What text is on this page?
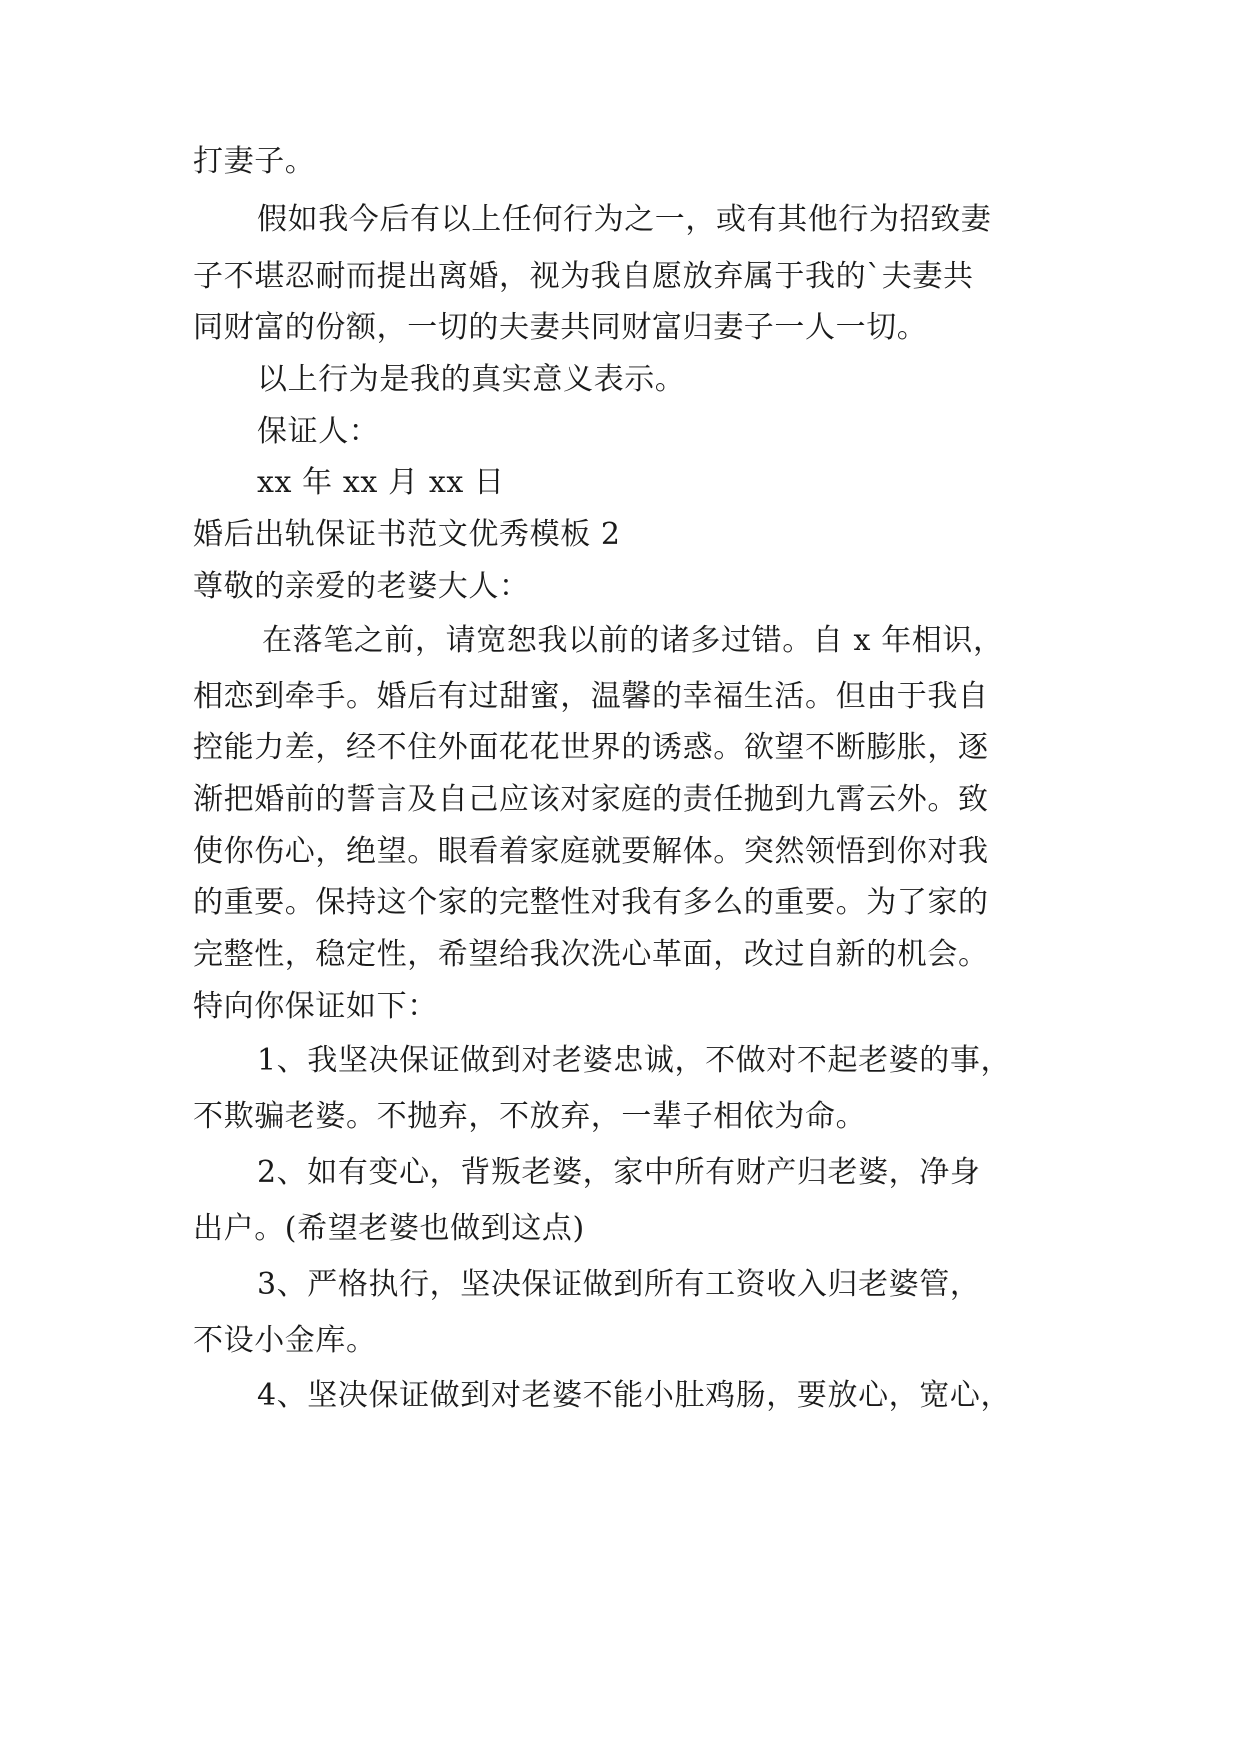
打妻子。
假如我今后有以上任何行为之一，或有其他行为招致妻
子不堪忍耐而提出离婚，视为我自愿放弃属于我的`夫妻共
同财富的份额，一切的夫妻共同财富归妻子一人一切。
以上行为是我的真实意义表示。
保证人：
xx 年 xx 月 xx 日
婚后出轨保证书范文优秀模板 2
尊敬的亲爱的老婆大人：
在落笔之前，请宽恕我以前的诸多过错。自 x 年相识，
相恋到牵手。婚后有过甜蜜，温馨的幸福生活。但由于我自
控能力差，经不住外面花花世界的诱惑。欲望不断膨胀，逐
渐把婚前的誓言及自己应该对家庭的责任抛到九霄云外。致
使你伤心，绝望。眼看着家庭就要解体。突然领悟到你对我
的重要。保持这个家的完整性对我有多么的重要。为了家的
完整性，稳定性，希望给我次洗心革面，改过自新的机会。
特向你保证如下：
1、我坚决保证做到对老婆忠诚，不做对不起老婆的事，
不欺骗老婆。不抛弃，不放弃，一辈子相依为命。
2、如有变心，背叛老婆，家中所有财产归老婆，净身
出户。(希望老婆也做到这点)
3、严格执行，坚决保证做到所有工资收入归老婆管，
不设小金库。
4、坚决保证做到对老婆不能小肚鸡肠，要放心，宽心，
